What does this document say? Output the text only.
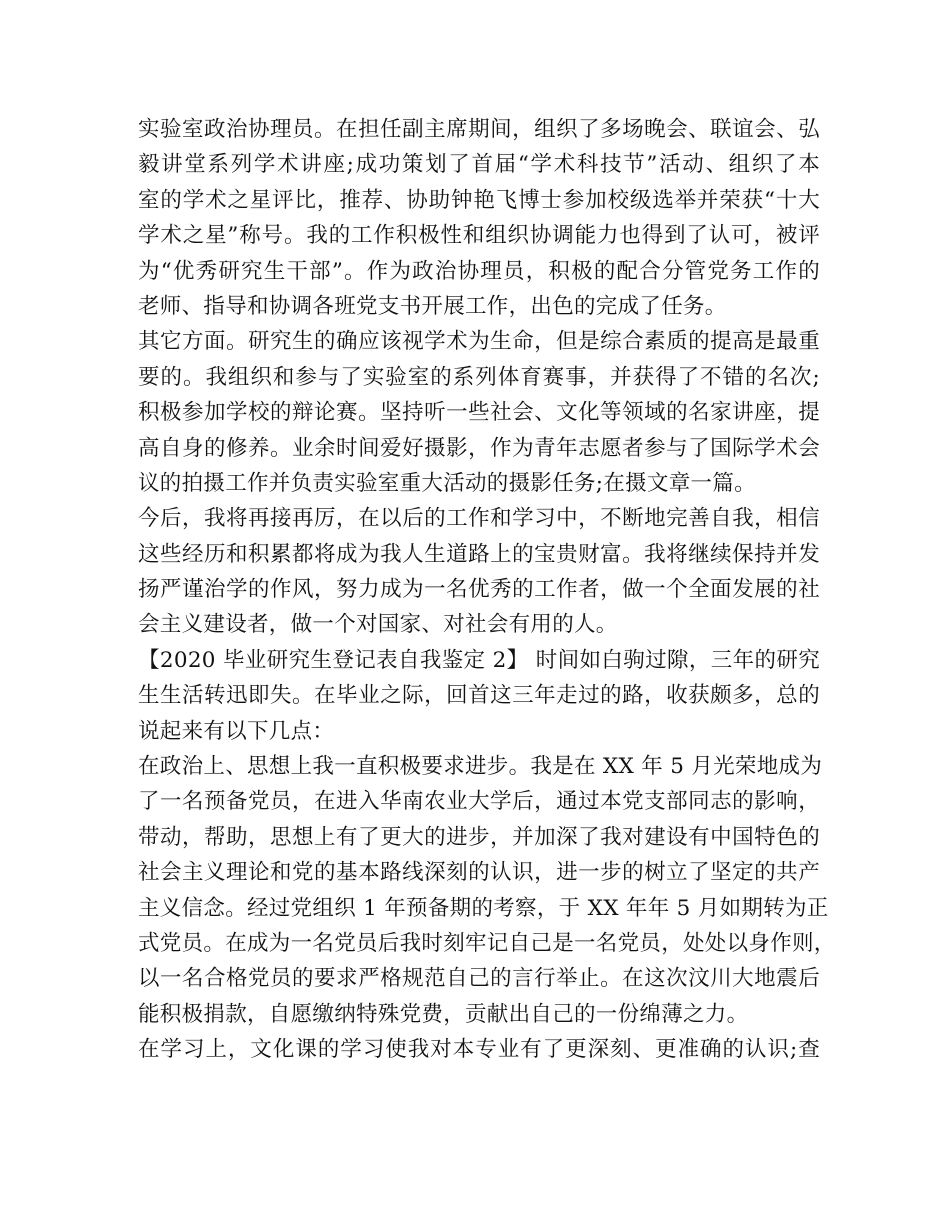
实验室政治协理员。在担任副主席期间，组织了多场晚会、联谊会、弘
毅讲堂系列学术讲座;成功策划了首届“学术科技节”活动、组织了本
室的学术之星评比，推荐、协助钟艳飞博士参加校级选举并荣获“十大
学术之星”称号。我的工作积极性和组织协调能力也得到了认可，被评
为“优秀研究生干部”。作为政治协理员，积极的配合分管党务工作的
老师、指导和协调各班党支书开展工作，出色的完成了任务。
其它方面。研究生的确应该视学术为生命，但是综合素质的提高是最重
要的。我组织和参与了实验室的系列体育赛事，并获得了不错的名次;
积极参加学校的辩论赛。坚持听一些社会、文化等领域的名家讲座，提
高自身的修养。业余时间爱好摄影，作为青年志愿者参与了国际学术会
议的拍摄工作并负责实验室重大活动的摄影任务;在摄文章一篇。
今后，我将再接再厉，在以后的工作和学习中，不断地完善自我，相信
这些经历和积累都将成为我人生道路上的宝贵财富。我将继续保持并发
扬严谨治学的作风，努力成为一名优秀的工作者，做一个全面发展的社
会主义建设者，做一个对国家、对社会有用的人。
【2020 毕业研究生登记表自我鉴定 2】 时间如白驹过隙，三年的研究
生生活转迅即失。在毕业之际，回首这三年走过的路，收获颇多，总的
说起来有以下几点：
在政治上、思想上我一直积极要求进步。我是在 XX 年 5 月光荣地成为
了一名预备党员，在进入华南农业大学后，通过本党支部同志的影响，
带动，帮助，思想上有了更大的进步，并加深了我对建设有中国特色的
社会主义理论和党的基本路线深刻的认识，进一步的树立了坚定的共产
主义信念。经过党组织 1 年预备期的考察，于 XX 年年 5 月如期转为正
式党员。在成为一名党员后我时刻牢记自己是一名党员，处处以身作则，
以一名合格党员的要求严格规范自己的言行举止。在这次汶川大地震后
能积极捐款，自愿缴纳特殊党费，贡献出自己的一份绵薄之力。
在学习上，文化课的学习使我对本专业有了更深刻、更准确的认识;查
